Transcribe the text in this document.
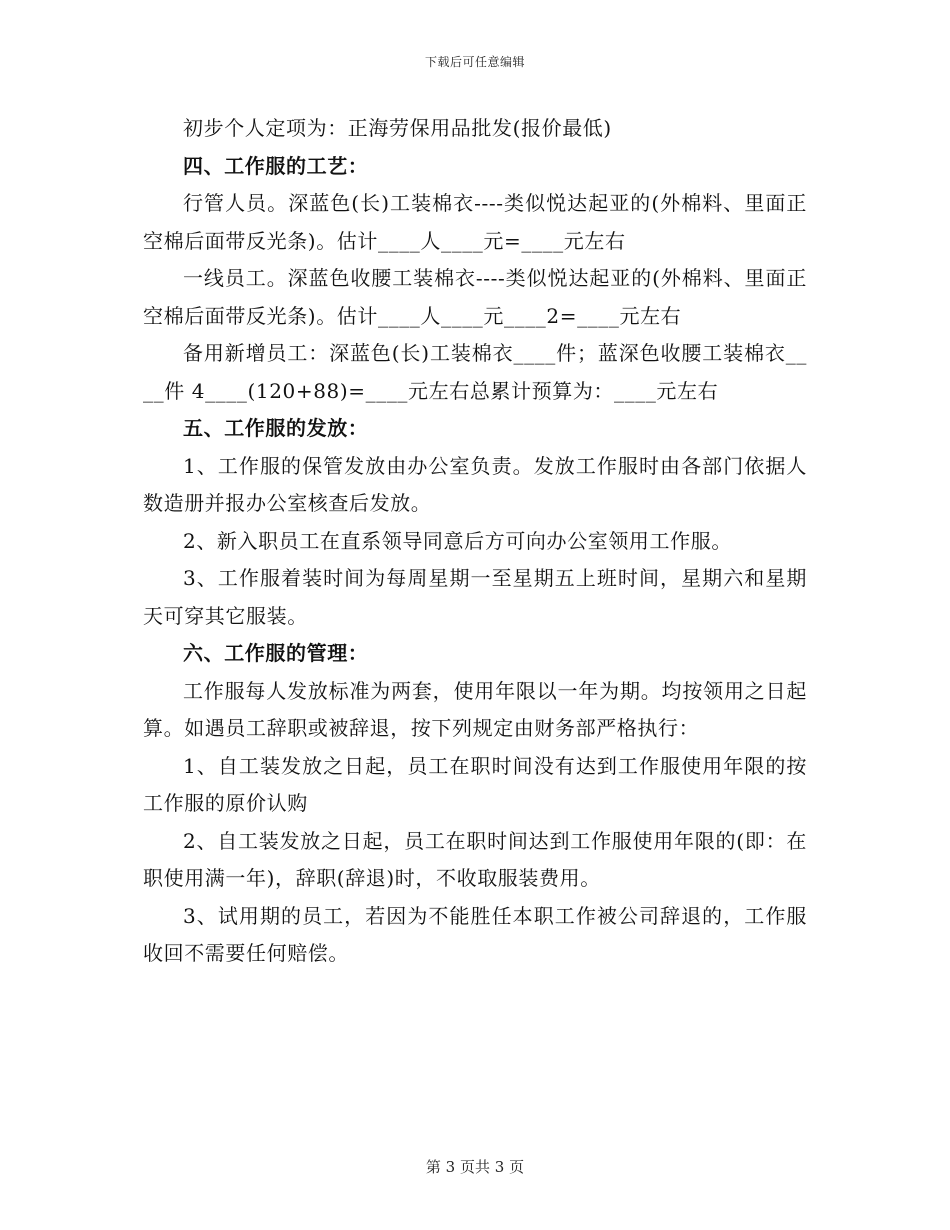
下载后可任意编辑

初步个人定项为：正海劳保用品批发(报价最低)

四、工作服的工艺：

行管人员。深蓝色(长)工装棉衣----类似悦达起亚的(外棉料、里面正空棉后面带反光条)。估计____人____元=____元左右

一线员工。深蓝色收腰工装棉衣----类似悦达起亚的(外棉料、里面正空棉后面带反光条)。估计____人____元____2=____元左右

备用新增员工：深蓝色(长)工装棉衣____件；蓝深色收腰工装棉衣____件 4____(120+88)=____元左右总累计预算为：____元左右

五、工作服的发放：

1、工作服的保管发放由办公室负责。发放工作服时由各部门依据人数造册并报办公室核查后发放。

2、新入职员工在直系领导同意后方可向办公室领用工作服。

3、工作服着装时间为每周星期一至星期五上班时间，星期六和星期天可穿其它服装。

六、工作服的管理：

工作服每人发放标准为两套，使用年限以一年为期。均按领用之日起算。如遇员工辞职或被辞退，按下列规定由财务部严格执行：

1、自工装发放之日起，员工在职时间没有达到工作服使用年限的按工作服的原价认购

2、自工装发放之日起，员工在职时间达到工作服使用年限的(即：在职使用满一年)，辞职(辞退)时，不收取服装费用。

3、试用期的员工，若因为不能胜任本职工作被公司辞退的，工作服收回不需要任何赔偿。

第 3 页共 3 页
